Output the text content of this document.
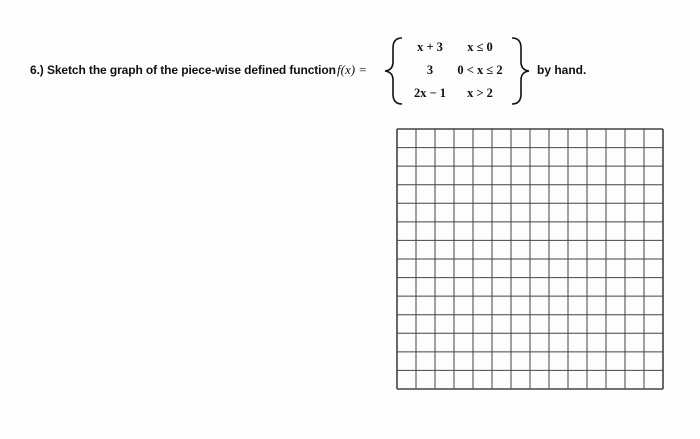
6.) Sketch the graph of the piece-wise defined function f(x) =
x + 3	x ≤ 0
3	0 < x ≤ 2
2x − 1	x > 2
by hand.
